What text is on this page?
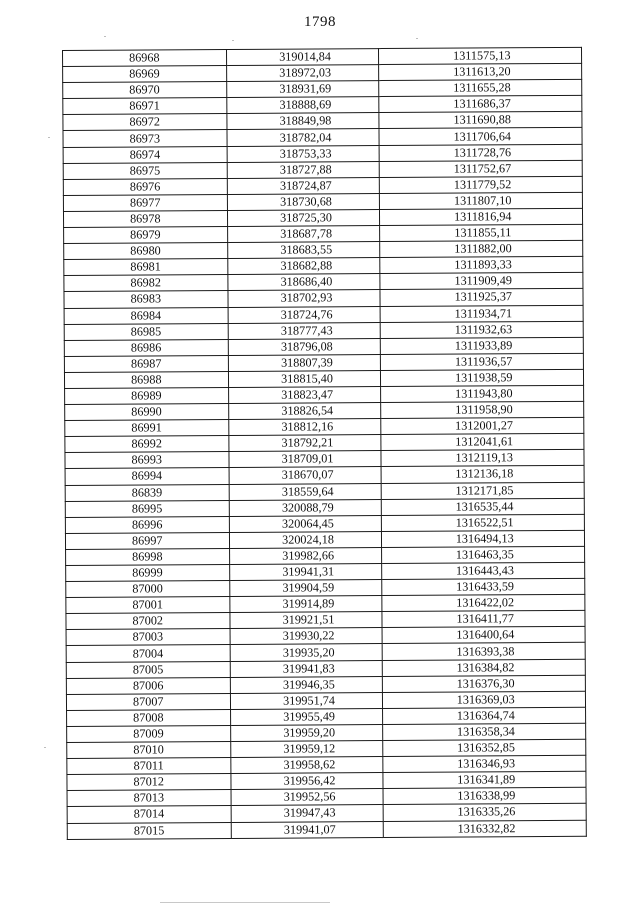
1798
86968	319014,84	1311575,13
86969	318972,03	1311613,20
86970	318931,69	1311655,28
86971	318888,69	1311686,37
86972	318849,98	1311690,88
86973	318782,04	1311706,64
86974	318753,33	1311728,76
86975	318727,88	1311752,67
86976	318724,87	1311779,52
86977	318730,68	1311807,10
86978	318725,30	1311816,94
86979	318687,78	1311855,11
86980	318683,55	1311882,00
86981	318682,88	1311893,33
86982	318686,40	1311909,49
86983	318702,93	1311925,37
86984	318724,76	1311934,71
86985	318777,43	1311932,63
86986	318796,08	1311933,89
86987	318807,39	1311936,57
86988	318815,40	1311938,59
86989	318823,47	1311943,80
86990	318826,54	1311958,90
86991	318812,16	1312001,27
86992	318792,21	1312041,61
86993	318709,01	1312119,13
86994	318670,07	1312136,18
86839	318559,64	1312171,85
86995	320088,79	1316535,44
86996	320064,45	1316522,51
86997	320024,18	1316494,13
86998	319982,66	1316463,35
86999	319941,31	1316443,43
87000	319904,59	1316433,59
87001	319914,89	1316422,02
87002	319921,51	1316411,77
87003	319930,22	1316400,64
87004	319935,20	1316393,38
87005	319941,83	1316384,82
87006	319946,35	1316376,30
87007	319951,74	1316369,03
87008	319955,49	1316364,74
87009	319959,20	1316358,34
87010	319959,12	1316352,85
87011	319958,62	1316346,93
87012	319956,42	1316341,89
87013	319952,56	1316338,99
87014	319947,43	1316335,26
87015	319941,07	1316332,82
